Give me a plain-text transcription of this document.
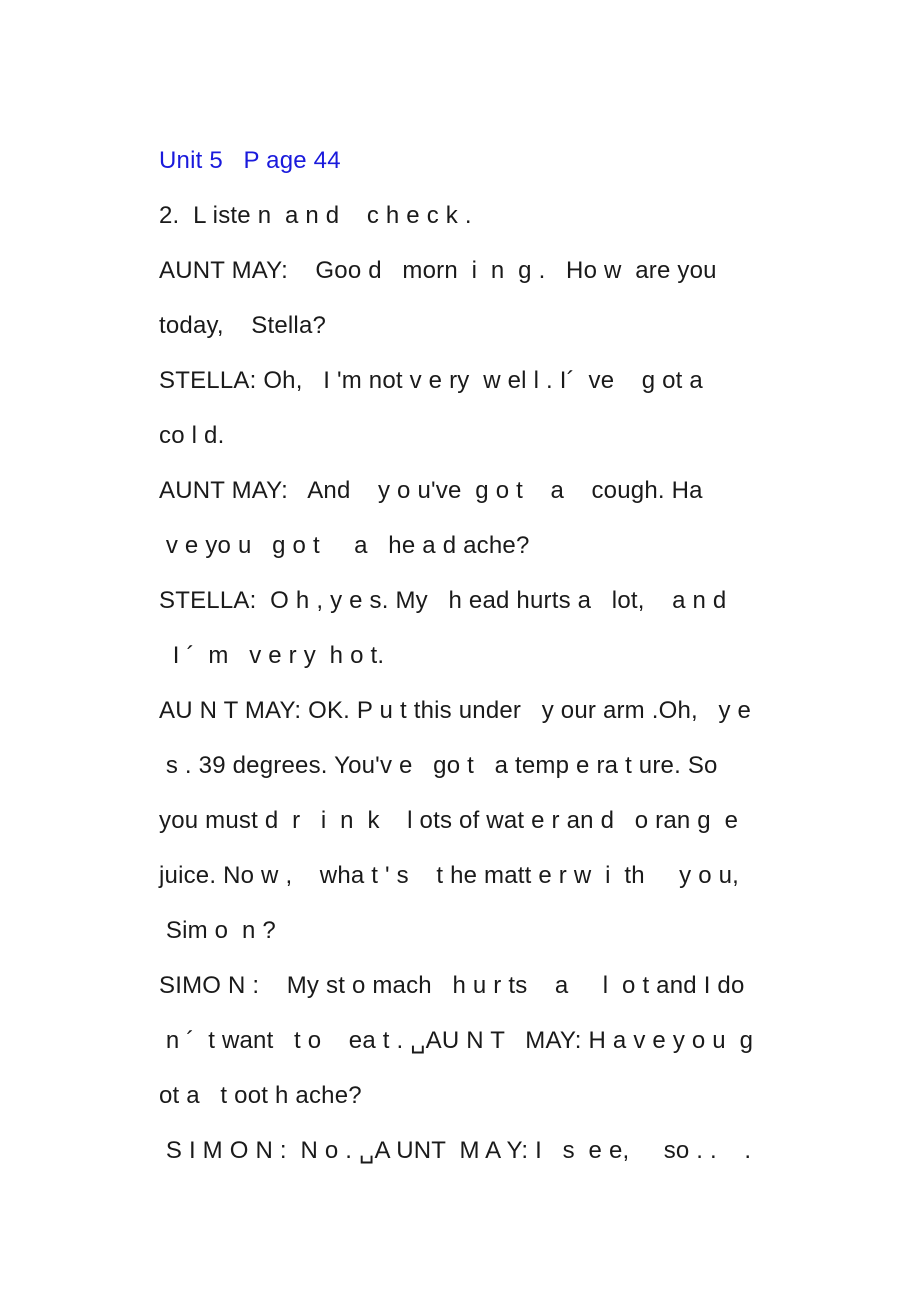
Unit 5   P age 44
2.  L iste n  a n d    c h e c k .
AUNT MAY:    Goo d   morn  i  n  g .   Ho w  are you
today,    Stella?
STELLA: Oh,   I 'm not v e ry  w el l . I´  ve    g ot a
co l d.
AUNT MAY:   And    y o u've  g o t    a    cough. Ha
v e yo u   g o t     a   he a d ache?
STELLA:  O h , y e s. My   h ead hurts a   lot,    a n d
I ´  m   v e r y  h o t.
AU N T MAY: OK. P u t this under   y our arm .Oh,   y e
s . 39 degrees. You'v e   go t   a temp e ra t ure. So
you must d  r   i  n  k    l ots of wat e r an d   o ran g  e
juice. No w ,    wha t ' s    t he matt e r w  i  th     y o u,
Sim o  n ?
SIMO N :    My st o mach   h u r ts    a     l  o t and I do
n ´  t want   t o    ea t . ␣AU N T   MAY: H a v e y o u  g
ot a   t oot h ache?
S I M O N :  N o . ␣A UNT  M A Y: I   s  e e,     so . .    .
